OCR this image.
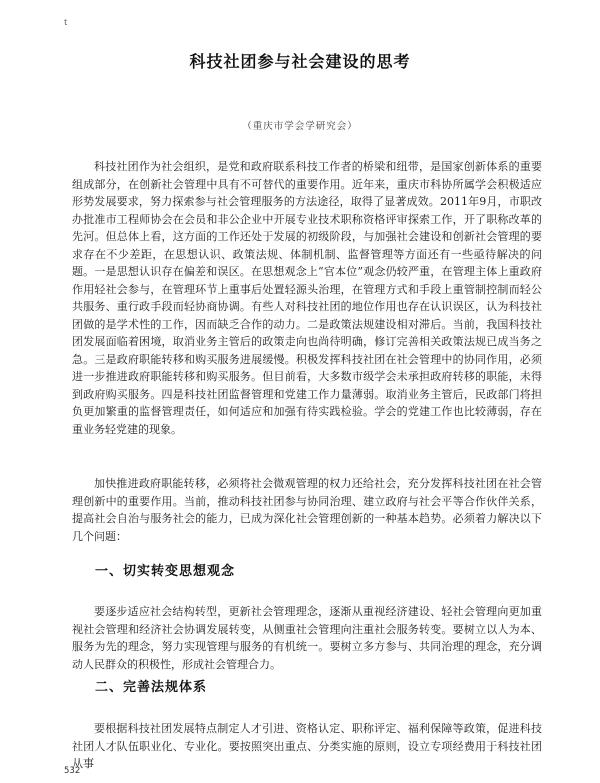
t
科技社团参与社会建设的思考
（重庆市学会学研究会）

科技社团作为社会组织，是党和政府联系科技工作者的桥梁和纽带，是国家创新体系的重要组成部分，在创新社会管理中具有不可替代的重要作用。近年来，重庆市科协所属学会积极适应形势发展要求，努力探索参与社会管理服务的方法途径，取得了显著成效。2011年9月，市职改办批准市工程师协会在会员和非公企业中开展专业技术职称资格评审探索工作，开了职称改革的先河。但总体上看，这方面的工作还处于发展的初级阶段，与加强社会建设和创新社会管理的要求存在不少差距，在思想认识、政策法规、体制机制、监督管理等方面还有一些亟待解决的问题。一是思想认识存在偏差和误区。在思想观念上“官本位”观念仍较严重，在管理主体上重政府作用轻社会参与，在管理环节上重事后处置轻源头治理，在管理方式和手段上重管制控制而轻公共服务、重行政手段而轻协商协调。有些人对科技社团的地位作用也存在认识误区，认为科技社团做的是学术性的工作，因而缺乏合作的动力。二是政策法规建设相对滞后。当前，我国科技社团发展面临着困境，取消业务主管后的政策走向也尚待明确，修订完善相关政策法规已成当务之急。三是政府职能转移和购买服务进展缓慢。积极发挥科技社团在社会管理中的协同作用，必须进一步推进政府职能转移和购买服务。但目前看，大多数市级学会未承担政府转移的职能，未得到政府购买服务。四是科技社团监督管理和党建工作力量薄弱。取消业务主管后，民政部门将担负更加繁重的监督管理责任，如何适应和加强有待实践检验。学会的党建工作也比较薄弱，存在重业务轻党建的现象。

加快推进政府职能转移，必须将社会微观管理的权力还给社会，充分发挥科技社团在社会管理创新中的重要作用。当前，推动科技社团参与协同治理、建立政府与社会平等合作伙伴关系，提高社会自治与服务社会的能力，已成为深化社会管理创新的一种基本趋势。必须着力解决以下几个问题：

一、切实转变思想观念

要逐步适应社会结构转型，更新社会管理理念，逐渐从重视经济建设、轻社会管理向更加重视社会管理和经济社会协调发展转变，从侧重社会管理向注重社会服务转变。要树立以人为本、服务为先的理念，努力实现管理与服务的有机统一。要树立多方参与、共同治理的理念，充分调动人民群众的积极性，形成社会管理合力。

二、完善法规体系

要根据科技社团发展特点制定人才引进、资格认定、职称评定、福利保障等政策，促进科技社团人才队伍职业化、专业化。要按照突出重点、分类实施的原则，设立专项经费用于科技社团从事

532
